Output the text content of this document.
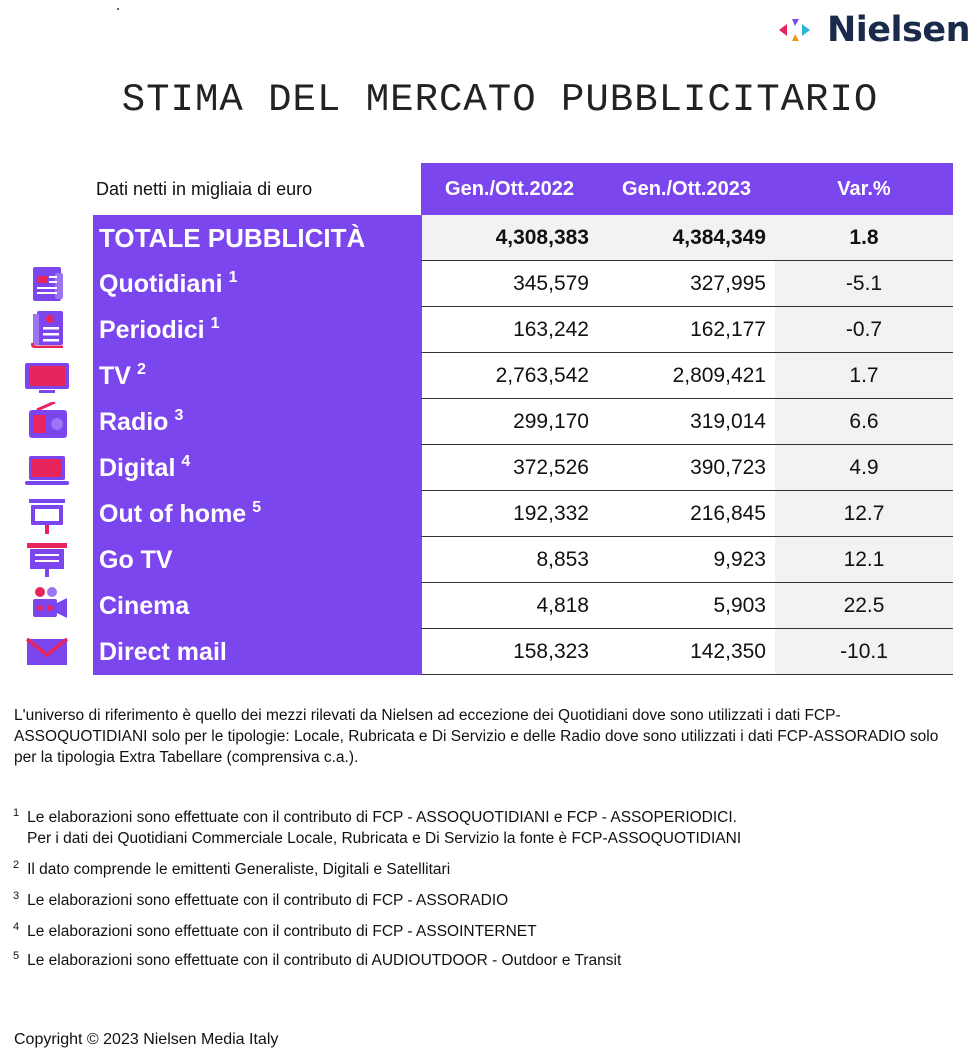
Nielsen
STIMA DEL MERCATO PUBBLICITARIO
Dati netti in migliaia di euro	Gen./Ott.2022	Gen./Ott.2023	Var.%
TOTALE PUBBLICITÀ	4,308,383	4,384,349	1.8
Quotidiani $^1$	345,579	327,995	-5.1
Periodici $^1$	163,242	162,177	-0.7
TV $^2$	2,763,542	2,809,421	1.7
Radio $^3$	299,170	319,014	6.6
Digital $^4$	372,526	390,723	4.9
Out of home $^5$	192,332	216,845	12.7
Go TV	8,853	9,923	12.1
Cinema	4,818	5,903	22.5
Direct mail	158,323	142,350	-10.1
L'universo di riferimento è quello dei mezzi rilevati da Nielsen ad eccezione dei Quotidiani dove sono utilizzati i dati FCP-ASSOQUOTIDIANI solo per le tipologie: Locale, Rubricata e Di Servizio e delle Radio dove sono utilizzati i dati FCP-ASSORADIO solo per la tipologia Extra Tabellare (comprensiva c.a.).
$^1$ Le elaborazioni sono effettuate con il contributo di FCP - ASSOQUOTIDIANI e FCP - ASSOPERIODICI.
Per i dati dei Quotidiani Commerciale Locale, Rubricata e Di Servizio la fonte è FCP-ASSOQUOTIDIANI
$^2$ Il dato comprende le emittenti Generaliste, Digitali e Satellitari
$^3$ Le elaborazioni sono effettuate con il contributo di FCP - ASSORADIO
$^4$ Le elaborazioni sono effettuate con il contributo di FCP - ASSOINTERNET
$^5$ Le elaborazioni sono effettuate con il contributo di AUDIOUTDOOR - Outdoor e Transit
Copyright © 2023 Nielsen Media Italy
